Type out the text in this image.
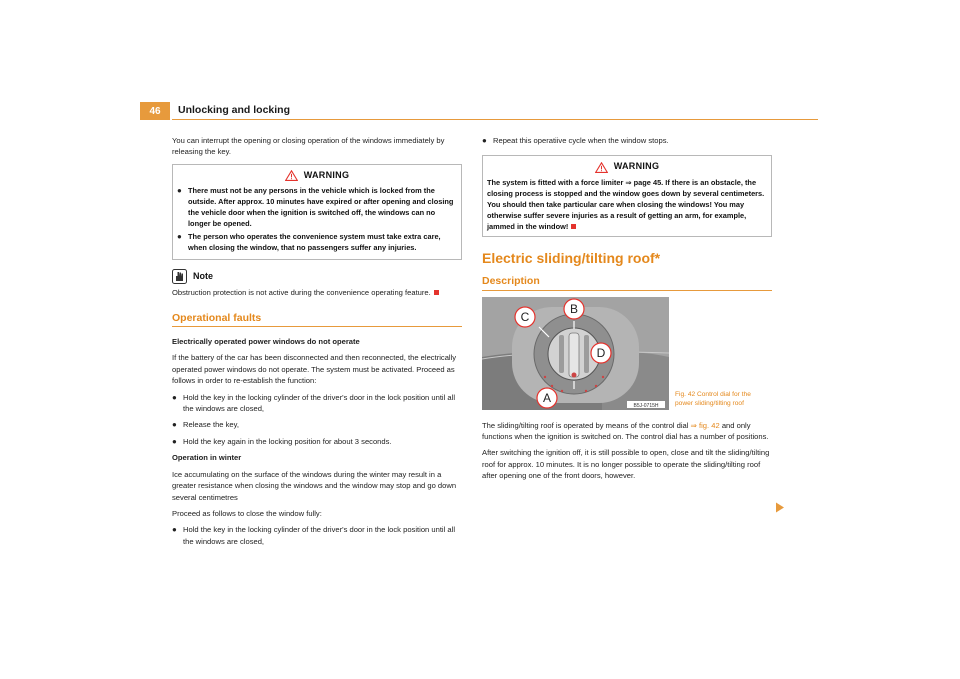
46	Unlocking and locking

You can interrupt the opening or closing operation of the windows immediately by releasing the key.

WARNING
● There must not be any persons in the vehicle which is locked from the outside. After approx. 10 minutes have expired or after opening and closing the vehicle door when the ignition is switched off, the windows can no longer be opened.
● The person who operates the convenience system must take extra care, when closing the window, that no passengers suffer any injuries.
Note

Obstruction protection is not active during the convenience operating feature.

Operational faults

Electrically operated power windows do not operate

If the battery of the car has been disconnected and then reconnected, the electrically operated power windows do not operate. The system must be activated. Proceed as follows in order to re-establish the function:

● Hold the key in the locking cylinder of the driver's door in the lock position until all the windows are closed,
● Release the key,
● Hold the key again in the locking position for about 3 seconds.

Operation in winter

Ice accumulating on the surface of the windows during the winter may result in a greater resistance when closing the windows and the window may stop and go down several centimetres

Proceed as follows to close the window fully:

● Hold the key in the locking cylinder of the driver's door in the lock position until all the windows are closed,
● Repeat this operatiive cycle when the window stops.
WARNING
The system is fitted with a force limiter ⇒ page 45. If there is an obstacle, the closing process is stopped and the window goes down by several centimeters. You should then take particular care when closing the windows! You may otherwise suffer severe injuries as a result of getting an arm, for example, jammed in the window!
Electric sliding/tilting roof*
Description
C
B
D
A
B5J-0715H
Fig. 42 Control dial for the power sliding/tilting roof

The sliding/tilting roof is operated by means of the control dial ⇒ fig. 42 and only functions when the ignition is switched on. The control dial has a number of positions.

After switching the ignition off, it is still possible to open, close and tilt the sliding/tilting roof for approx. 10 minutes. It is no longer possible to operate the sliding/tilting roof after opening one of the front doors, however.
